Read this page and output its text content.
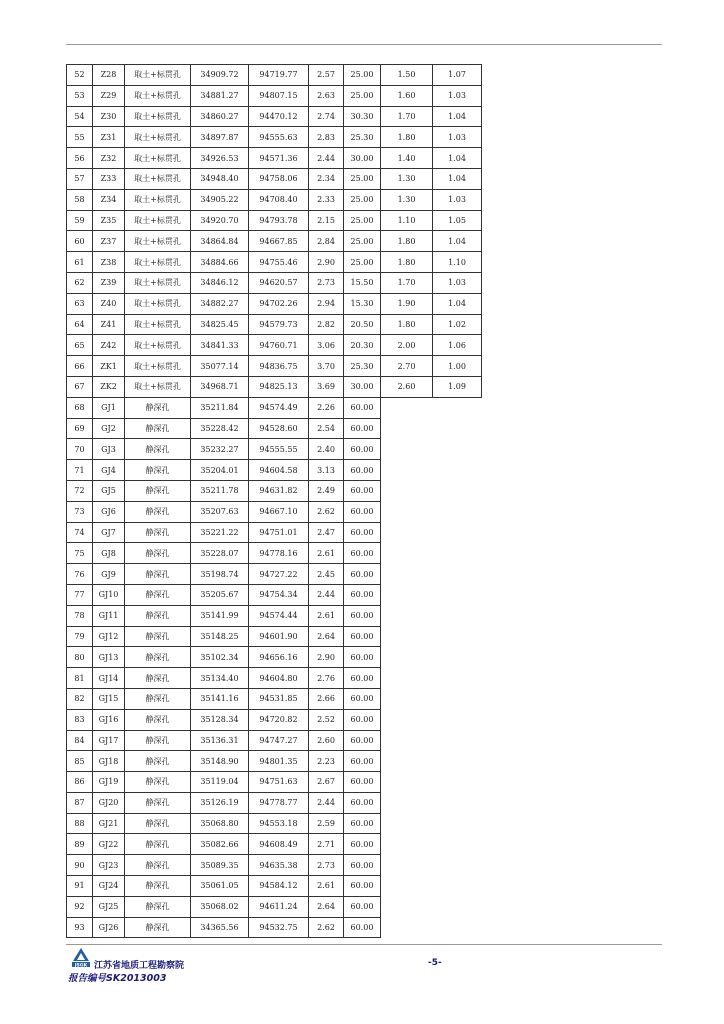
52	Z28	取土+标贯孔	34909.72	94719.77	2.57	25.00	1.50	1.07
53	Z29	取土+标贯孔	34881.27	94807.15	2.63	25.00	1.60	1.03
54	Z30	取土+标贯孔	34860.27	94470.12	2.74	30.30	1.70	1.04
55	Z31	取土+标贯孔	34897.87	94555.63	2.83	25.30	1.80	1.03
56	Z32	取土+标贯孔	34926.53	94571.36	2.44	30.00	1.40	1.04
57	Z33	取土+标贯孔	34948.40	94758.06	2.34	25.00	1.30	1.04
58	Z34	取土+标贯孔	34905.22	94708.40	2.33	25.00	1.30	1.03
59	Z35	取土+标贯孔	34920.70	94793.78	2.15	25.00	1.10	1.05
60	Z37	取土+标贯孔	34864.84	94667.85	2.84	25.00	1.80	1.04
61	Z38	取土+标贯孔	34884.66	94755.46	2.90	25.00	1.80	1.10
62	Z39	取土+标贯孔	34846.12	94620.57	2.73	15.50	1.70	1.03
63	Z40	取土+标贯孔	34882.27	94702.26	2.94	15.30	1.90	1.04
64	Z41	取土+标贯孔	34825.45	94579.73	2.82	20.50	1.80	1.02
65	Z42	取土+标贯孔	34841.33	94760.71	3.06	20.30	2.00	1.06
66	ZK1	取土+标贯孔	35077.14	94836.75	3.70	25.30	2.70	1.00
67	ZK2	取土+标贯孔	34968.71	94825.13	3.69	30.00	2.60	1.09
68	GJ1	静深孔	35211.84	94574.49	2.26	60.00		
69	GJ2	静深孔	35228.42	94528.60	2.54	60.00		
70	GJ3	静深孔	35232.27	94555.55	2.40	60.00		
71	GJ4	静深孔	35204.01	94604.58	3.13	60.00		
72	GJ5	静深孔	35211.78	94631.82	2.49	60.00		
73	GJ6	静深孔	35207.63	94667.10	2.62	60.00		
74	GJ7	静深孔	35221.22	94751.01	2.47	60.00		
75	GJ8	静深孔	35228.07	94778.16	2.61	60.00		
76	GJ9	静深孔	35198.74	94727.22	2.45	60.00		
77	GJ10	静深孔	35205.67	94754.34	2.44	60.00		
78	GJ11	静深孔	35141.99	94574.44	2.61	60.00		
79	GJ12	静深孔	35148.25	94601.90	2.64	60.00		
80	GJ13	静深孔	35102.34	94656.16	2.90	60.00		
81	GJ14	静深孔	35134.40	94604.80	2.76	60.00		
82	GJ15	静深孔	35141.16	94531.85	2.66	60.00		
83	GJ16	静深孔	35128.34	94720.82	2.52	60.00		
84	GJ17	静深孔	35136.31	94747.27	2.60	60.00		
85	GJ18	静深孔	35148.90	94801.35	2.23	60.00		
86	GJ19	静深孔	35119.04	94751.63	2.67	60.00		
87	GJ20	静深孔	35126.19	94778.77	2.44	60.00		
88	GJ21	静深孔	35068.80	94553.18	2.59	60.00		
89	GJ22	静深孔	35082.66	94608.49	2.71	60.00		
90	GJ23	静深孔	35089.35	94635.38	2.73	60.00		
91	GJ24	静深孔	35061.05	94584.12	2.61	60.00		
92	GJ25	静深孔	35068.02	94611.24	2.64	60.00		
93	GJ26	静深孔	34365.56	94532.75	2.62	60.00		
JSGK 江苏省地质工程勘察院	-5-
报告编号SK2013003
